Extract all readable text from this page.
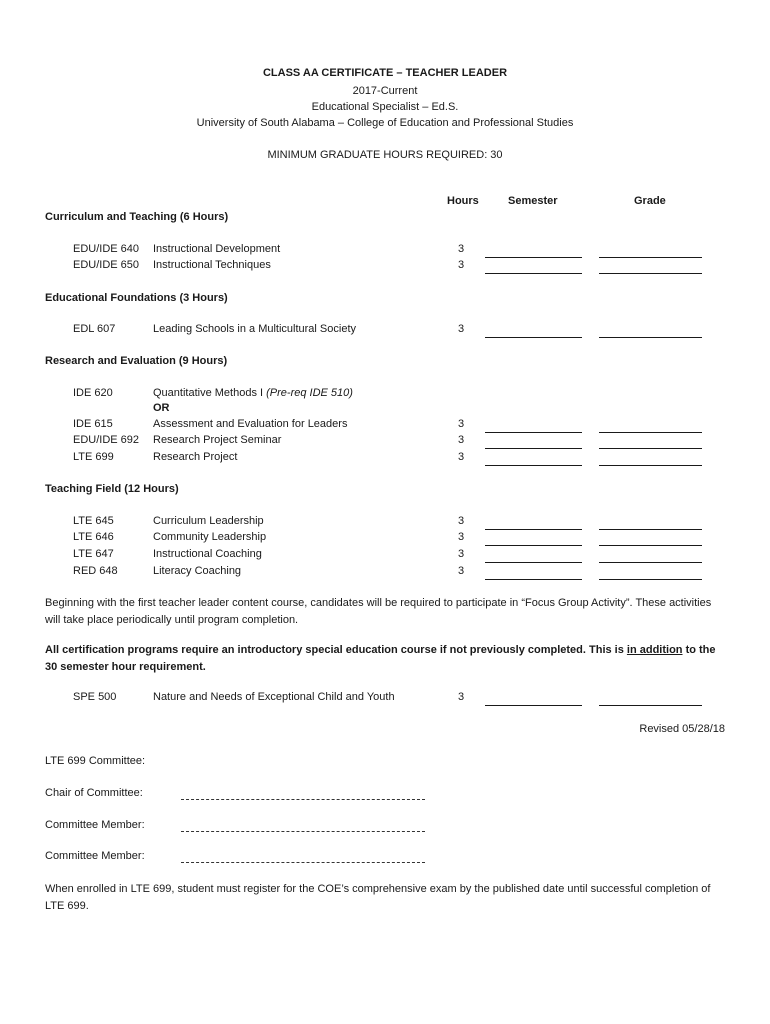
CLASS AA CERTIFICATE – TEACHER LEADER
2017-Current
Educational Specialist – Ed.S.
University of South Alabama – College of Education and Professional Studies
MINIMUM GRADUATE HOURS REQUIRED: 30
Hours	Semester	Grade
Curriculum and Teaching (6 Hours)
EDU/IDE 640 Instructional Development	3
EDU/IDE 650 Instructional Techniques	3
Educational Foundations (3 Hours)
EDL 607	Leading Schools in a Multicultural Society	3
Research and Evaluation (9 Hours)
IDE 620	Quantitative Methods I (Pre-req IDE 510)
OR
IDE 615	Assessment and Evaluation for Leaders	3
EDU/IDE 692 Research Project Seminar	3
LTE 699	Research Project	3
Teaching Field (12 Hours)
LTE 645	Curriculum Leadership	3
LTE 646	Community Leadership	3
LTE 647	Instructional Coaching	3
RED 648	Literacy Coaching	3
Beginning with the first teacher leader content course, candidates will be required to participate in “Focus Group Activity”. These activities will take place periodically until program completion.
All certification programs require an introductory special education course if not previously completed. This is in addition to the 30 semester hour requirement.
SPE 500	Nature and Needs of Exceptional Child and Youth	3
Revised 05/28/18
LTE 699 Committee:
Chair of Committee:
Committee Member:
Committee Member:
When enrolled in LTE 699, student must register for the COE’s comprehensive exam by the published date until successful completion of LTE 699.
